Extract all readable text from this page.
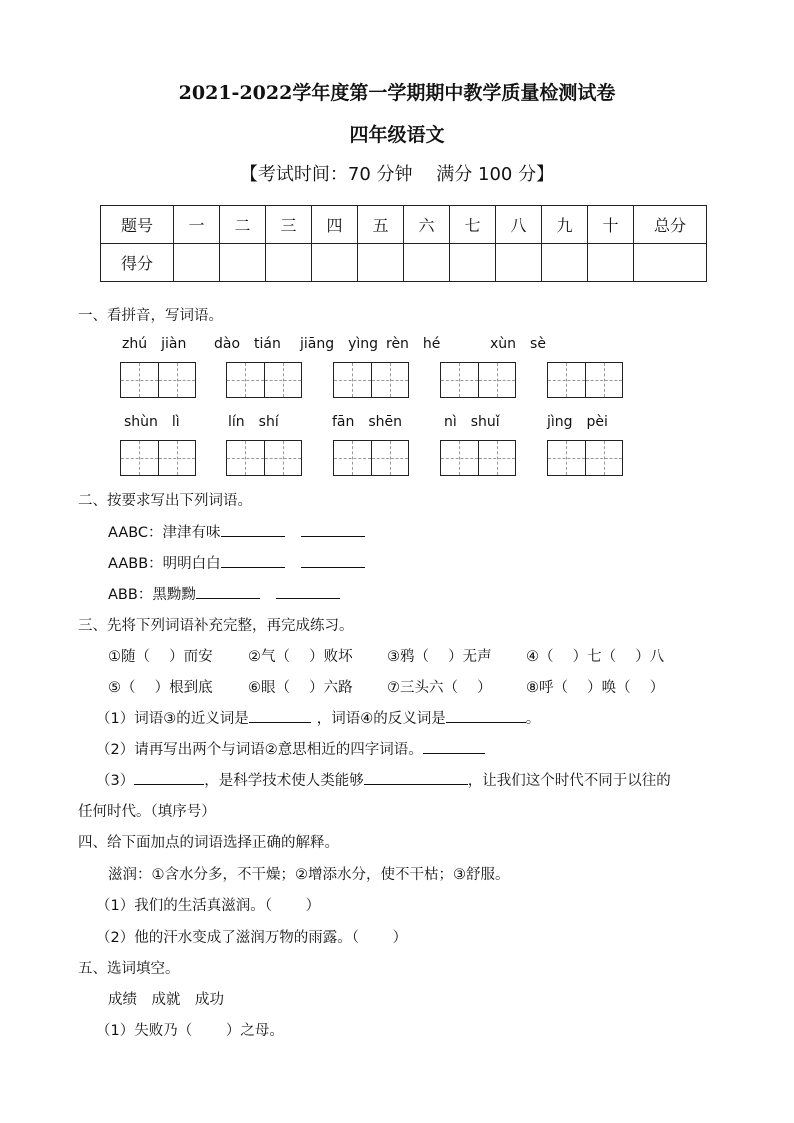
2021-2022学年度第一学期期中教学质量检测试卷
四年级语文
【考试时间：70 分钟　 满分 100 分】
题号	一	二	三	四	五	六	七	八	九	十	总分
得分											
一、看拼音，写词语。
zhú　jiàn dào　tián jiāng　yìng rèn　hé	xùn　sè
shùn　lì	lín　shí	fān　shēn	nì　shuǐ	jìng　pèi
二、按要求写出下列词语。
AABC：津津有味
AABB：明明白白
ABB：黑黝黝
三、先将下列词语补充完整，再完成练习。
①随（　 ）而安 ②气（　 ）败坏 ③鸦（　 ）无声 ④（　 ）七（　 ）八
⑤（　 ）根到底 ⑥眼（　 ）六路 ⑦三头六（　 ） ⑧呼（　 ）唤（　 ）
（1）词语③的近义词是	，词语④的反义词是	。
（2）请再写出两个与词语②意思相近的四字词语。
（3）	，是科学技术使人类能够	，让我们这个时代不同于以往的
任何时代。（填序号）
四、给下面加点的词语选择正确的解释。
滋润：①含水分多，不干燥；②增添水分，使不干枯；③舒服。
（1）我们的生活真滋润。（　　 ）
（2）他的汗水变成了滋润万物的雨露。（　　 ）
五、选词填空。
成绩　成就　成功
（1）失败乃（　　 ）之母。
